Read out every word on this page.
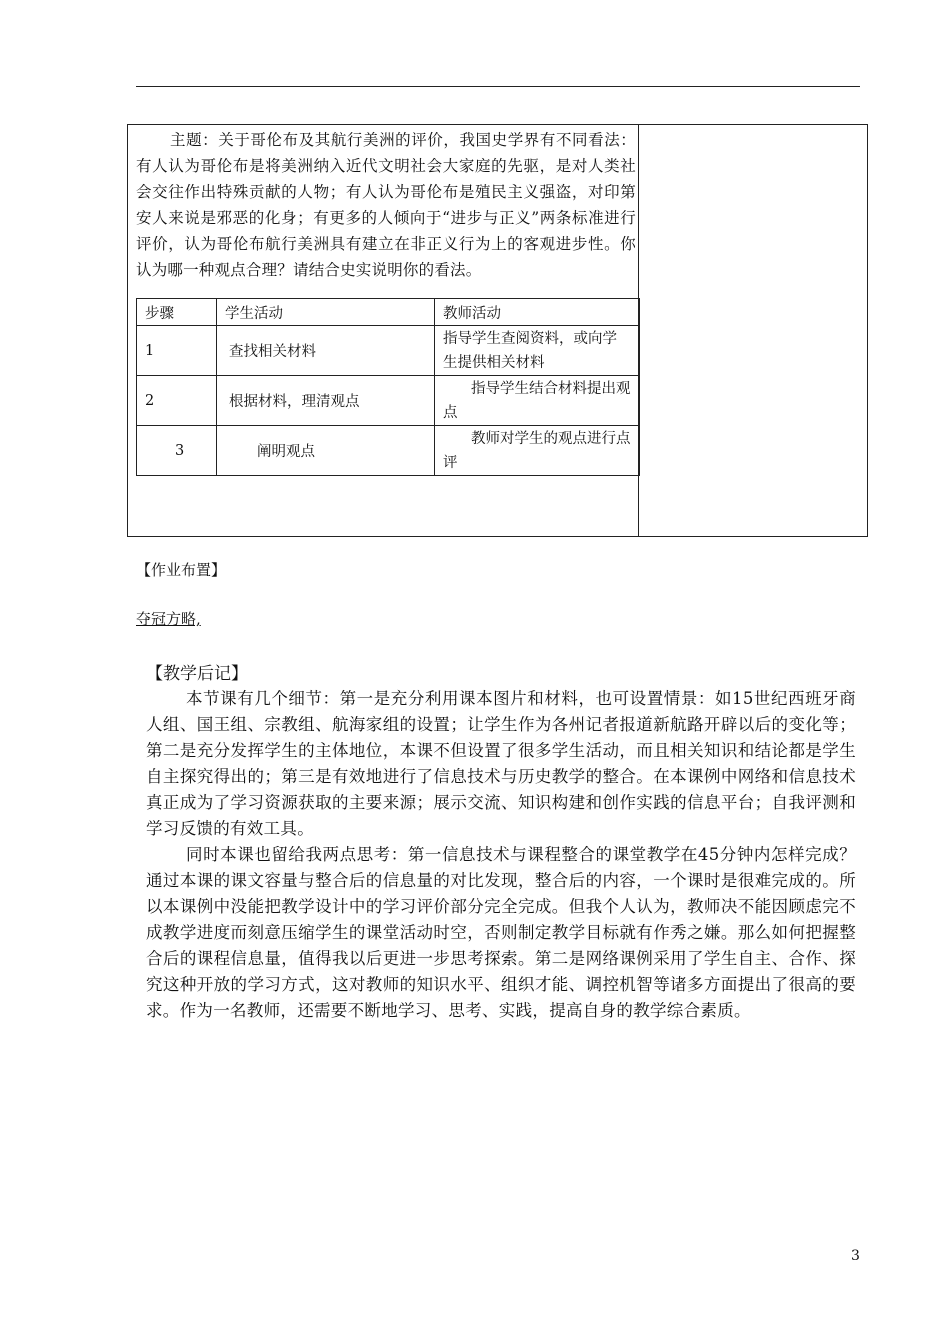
主题：关于哥伦布及其航行美洲的评价，我国史学界有不同看法：有人认为哥伦布是将美洲纳入近代文明社会大家庭的先驱，是对人类社会交往作出特殊贡献的人物；有人认为哥伦布是殖民主义强盗，对印第安人来说是邪恶的化身；有更多的人倾向于“进步与正义”两条标准进行评价，认为哥伦布航行美洲具有建立在非正义行为上的客观进步性。你认为哪一种观点合理？请结合史实说明你的看法。

步骤	学生活动	教师活动
1	查找相关材料	指导学生查阅资料，或向学生提供相关材料
2	根据材料，理清观点	指导学生结合材料提出观点
3	阐明观点	教师对学生的观点进行点评

【作业布置】
夺冠方略,
【教学后记】

本节课有几个细节：第一是充分利用课本图片和材料，也可设置情景：如15世纪西班牙商人组、国王组、宗教组、航海家组的设置；让学生作为各州记者报道新航路开辟以后的变化等；第二是充分发挥学生的主体地位，本课不但设置了很多学生活动，而且相关知识和结论都是学生自主探究得出的；第三是有效地进行了信息技术与历史教学的整合。在本课例中网络和信息技术真正成为了学习资源获取的主要来源；展示交流、知识构建和创作实践的信息平台；自我评测和学习反馈的有效工具。

同时本课也留给我两点思考：第一信息技术与课程整合的课堂教学在45分钟内怎样完成？通过本课的课文容量与整合后的信息量的对比发现，整合后的内容，一个课时是很难完成的。所以本课例中没能把教学设计中的学习评价部分完全完成。但我个人认为，教师决不能因顾虑完不成教学进度而刻意压缩学生的课堂活动时空，否则制定教学目标就有作秀之嫌。那么如何把握整合后的课程信息量，值得我以后更进一步思考探索。第二是网络课例采用了学生自主、合作、探究这种开放的学习方式，这对教师的知识水平、组织才能、调控机智等诸多方面提出了很高的要求。作为一名教师，还需要不断地学习、思考、实践，提高自身的教学综合素质。

3
